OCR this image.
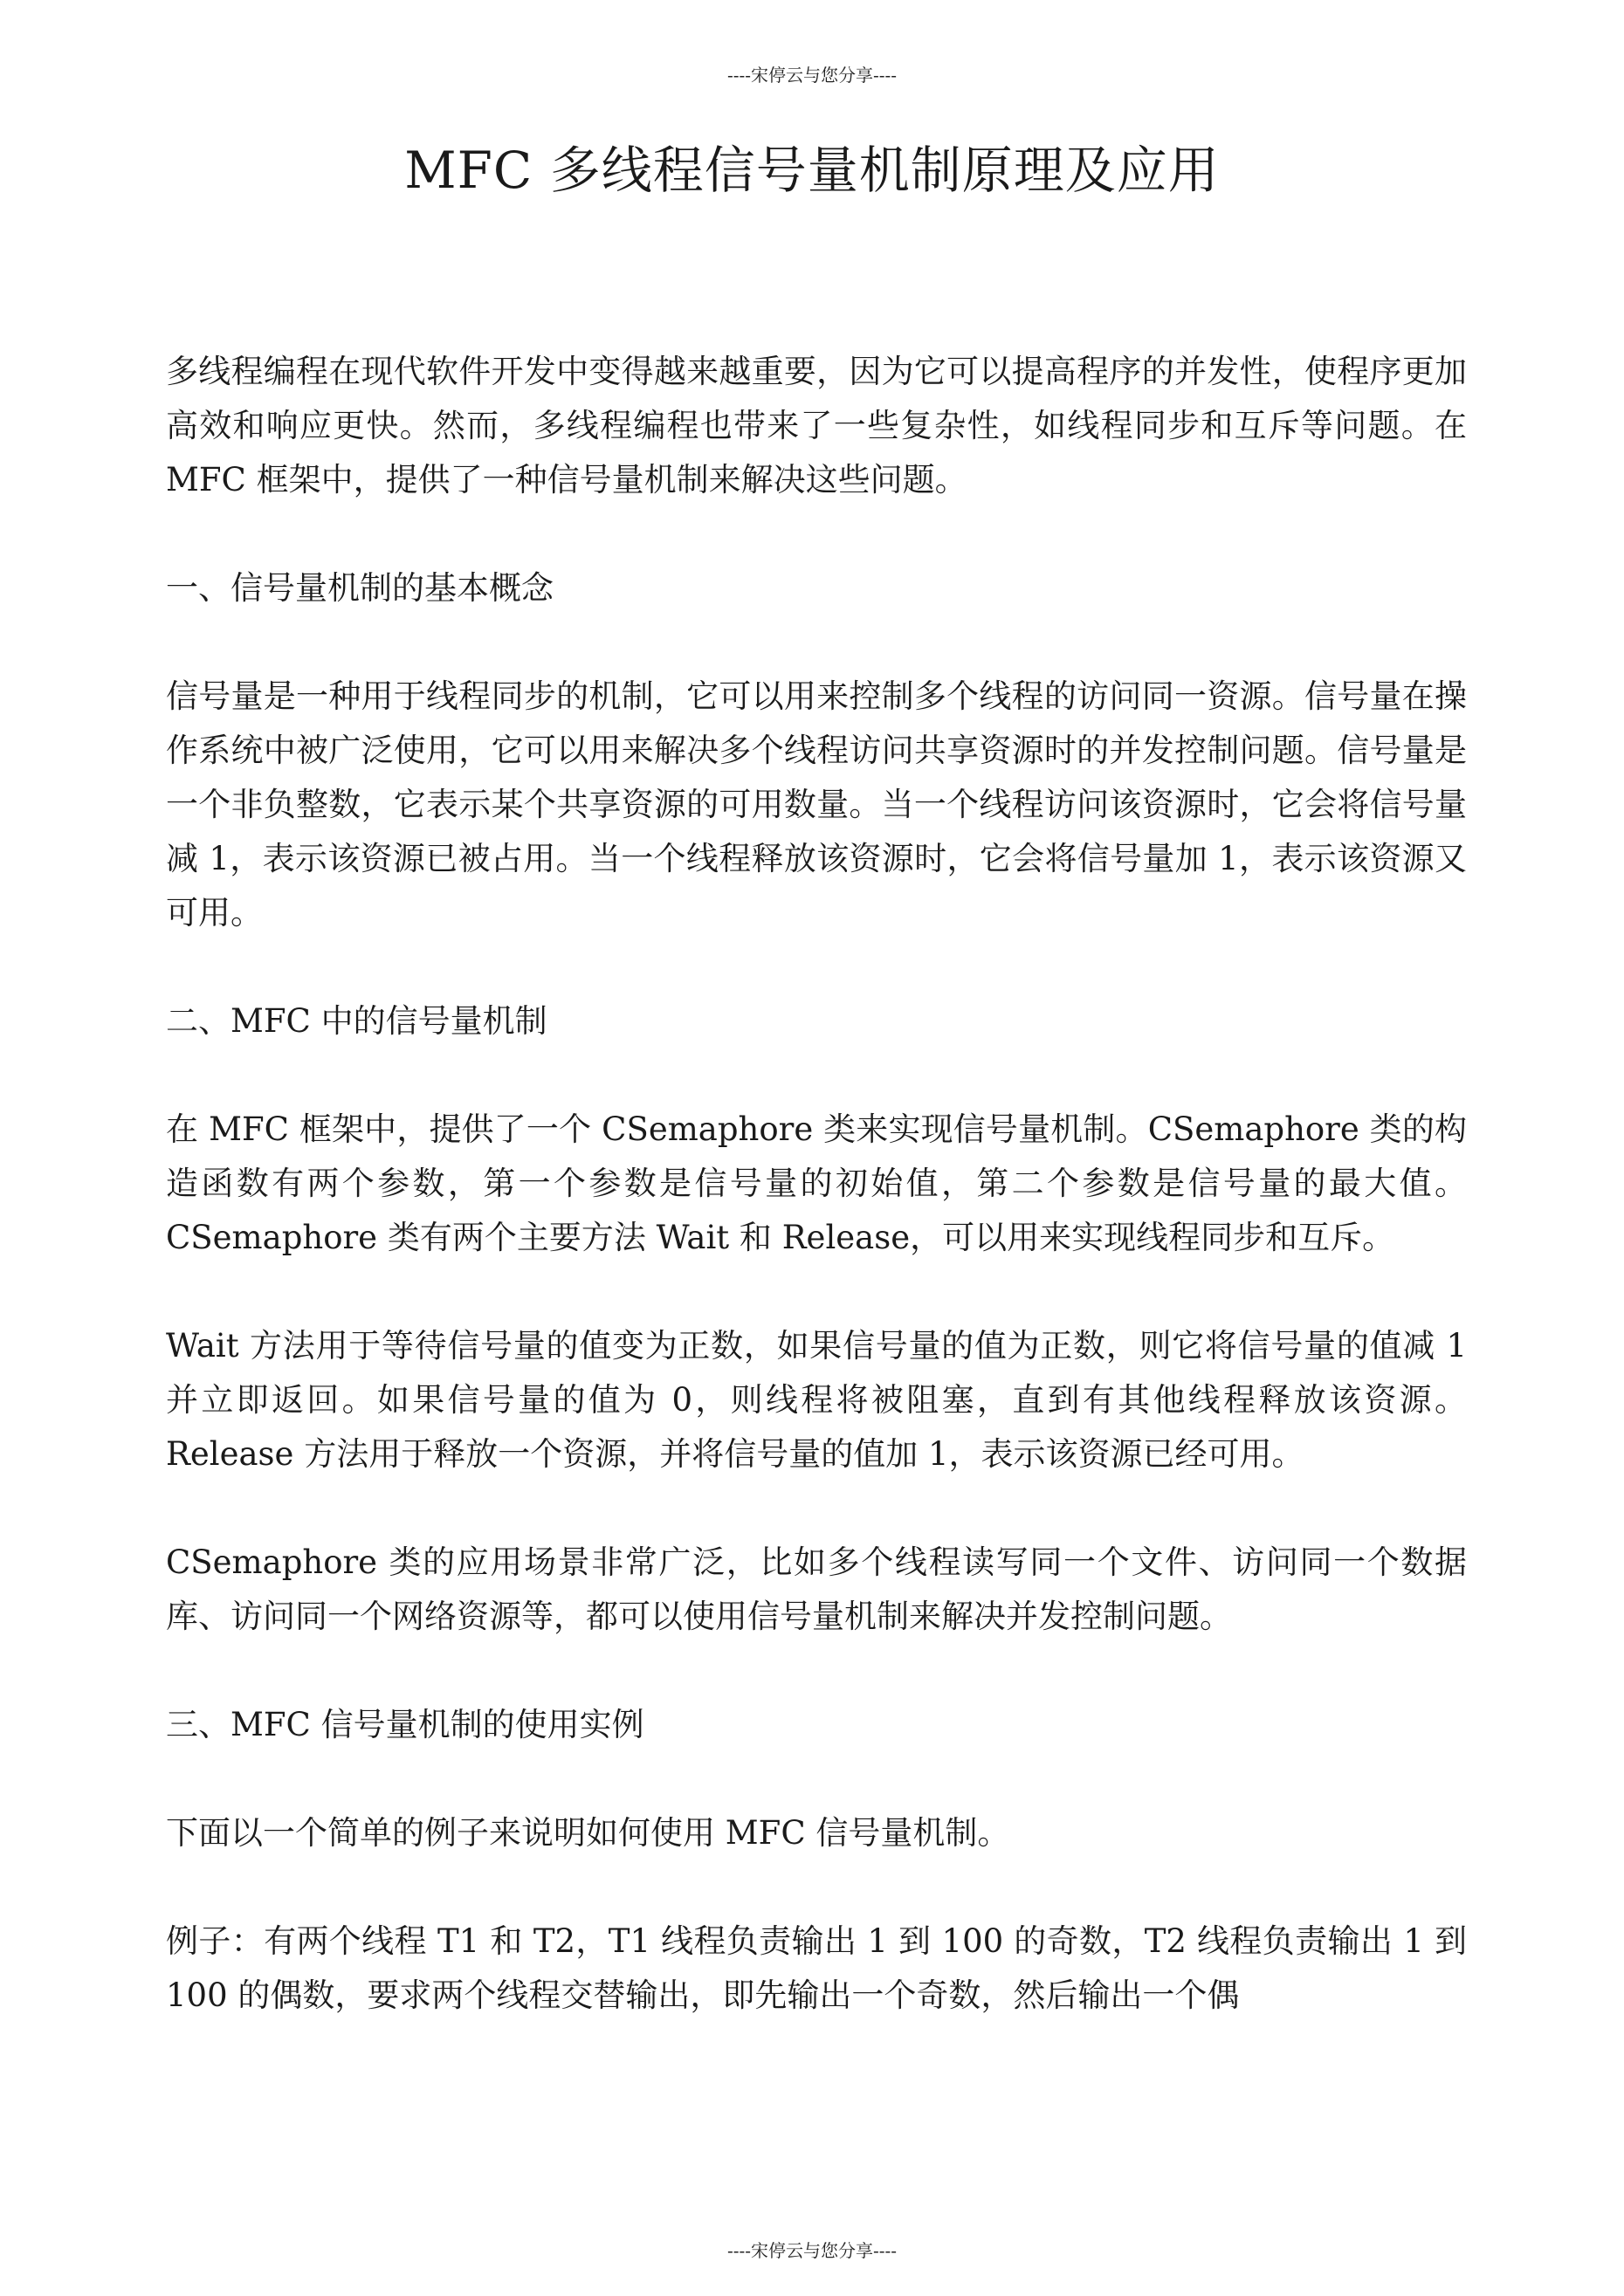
----宋停云与您分享----
MFC 多线程信号量机制原理及应用

多线程编程在现代软件开发中变得越来越重要，因为它可以提高程序的并发性，使程序更加高效和响应更快。然而，多线程编程也带来了一些复杂性，如线程同步和互斥等问题。在 MFC 框架中，提供了一种信号量机制来解决这些问题。

一、信号量机制的基本概念

信号量是一种用于线程同步的机制，它可以用来控制多个线程的访问同一资源。信号量在操作系统中被广泛使用，它可以用来解决多个线程访问共享资源时的并发控制问题。信号量是一个非负整数，它表示某个共享资源的可用数量。当一个线程访问该资源时，它会将信号量减 1，表示该资源已被占用。当一个线程释放该资源时，它会将信号量加 1，表示该资源又可用。

二、MFC 中的信号量机制

在 MFC 框架中，提供了一个 CSemaphore 类来实现信号量机制。CSemaphore 类的构造函数有两个参数，第一个参数是信号量的初始值，第二个参数是信号量的最大值。CSemaphore 类有两个主要方法 Wait 和 Release，可以用来实现线程同步和互斥。

Wait 方法用于等待信号量的值变为正数，如果信号量的值为正数，则它将信号量的值减 1 并立即返回。如果信号量的值为 0，则线程将被阻塞，直到有其他线程释放该资源。Release 方法用于释放一个资源，并将信号量的值加 1，表示该资源已经可用。

CSemaphore 类的应用场景非常广泛，比如多个线程读写同一个文件、访问同一个数据库、访问同一个网络资源等，都可以使用信号量机制来解决并发控制问题。

三、MFC 信号量机制的使用实例

下面以一个简单的例子来说明如何使用 MFC 信号量机制。

例子：有两个线程 T1 和 T2，T1 线程负责输出 1 到 100 的奇数，T2 线程负责输出 1 到 100 的偶数，要求两个线程交替输出，即先输出一个奇数，然后输出一个偶

----宋停云与您分享----
